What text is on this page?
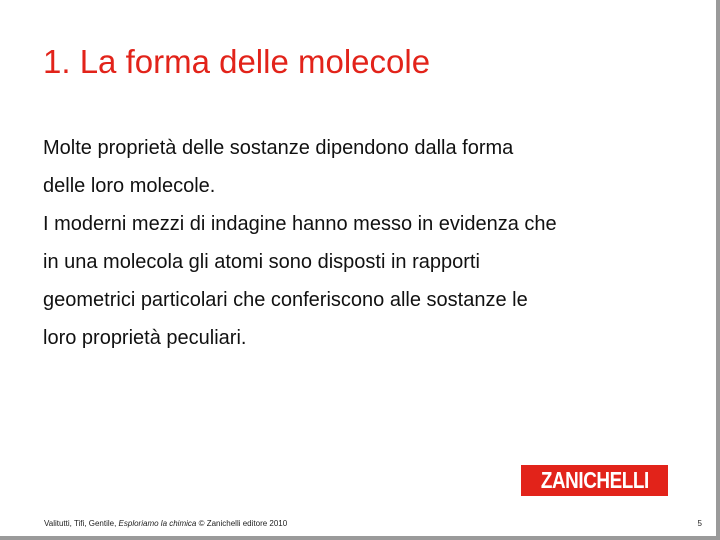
1. La forma delle molecole

Molte proprietà delle sostanze dipendono dalla forma

delle loro molecole.

I moderni mezzi di indagine hanno messo in evidenza che

in una molecola gli atomi sono disposti in rapporti

geometrici particolari che conferiscono alle sostanze le

loro proprietà peculiari.

ZANICHELLI
Valitutti, Tifi, Gentile, Esploriamo la chimica © Zanichelli editore 2010	5
